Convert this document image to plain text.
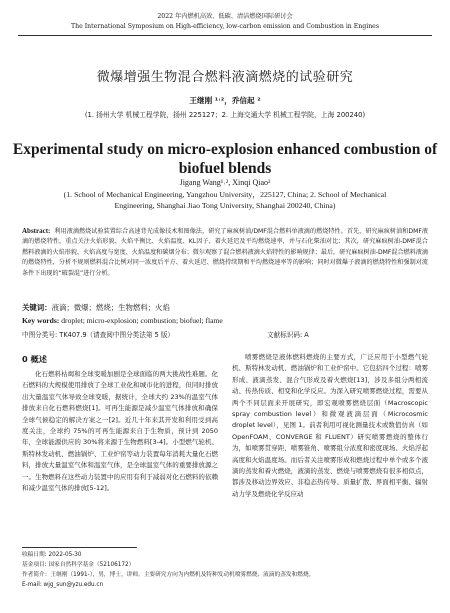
2022 年内燃机高效、低碳、清洁燃烧国际研讨会
The International Symposium on High-efficiency, low-carbon emission and Combustion in Engines
微爆增强生物混合燃料液滴燃烧的试验研究
王继刚 ¹˒²，乔信起 ²
(1. 扬州大学 机械工程学院，扬州 225127；2. 上海交通大学 机械工程学院，上海 200240)
Experimental study on micro-explosion enhanced combustion of biofuel blends
Jigang Wang¹˒², Xinqi Qiao²
(1. School of Mechanical Engineering, Yangzhou University，225127, China; 2. School of Mechanical Engineering, Shanghai Jiao Tong University, Shanghai 200240, China)
Abstract: 利用液滴燃烧试验装置综合高速背光成像技术和图像法，研究了麻疯树油/DMF混合燃料单液滴的燃烧特性。首先，研究麻疯树油和DMF液滴的燃烧特性，重点关注火焰形貌、火焰平衡比、火焰温度、KL因子、着火延迟及平均燃烧速率，并与石化柴油对比；其次，研究麻疯树油-DMF混合燃料液滴的火焰形貌、火焰高度与宽度、火焰温度和碳烟分布；微尔观察了混合燃料液滴火焰特性的影响规律；最后，研究麻疯树油-DMF混合燃料液滴的燃烧特性，分析不规则燃料混合比例对同一浓度后平方、着火延迟、燃烧持续期和平均燃烧速率等的影响；同时对微爆子液滴的燃烧特性和强制对流条件下出现的“破裂混”进行分析。
关键词：液滴；微爆；燃烧；生物燃料；火焰
Key words: droplet; micro-explosion; combustion; biofuel; flame
中图分类号: TK407.9（请查阅中图分类法第 5 版）	文献标识码: A
0 概述
化石燃料枯竭和全球变暖加剧是全球面临的两大挑战性难题。化石燃料的大规模使用排放了全球工业化和城市化的进程，但同时排放出大量温室气体导致全球变暖，据统计，全球大约 23%的温室气体排放来自化石燃料燃烧[1]。可再生能源是减少温室气体排放和确保全球气候稳定的解决方案之一[2]。近几十年来其开发和利用受到高度关注，全球约 75%的可再生能源来自于生物质，预计到 2050 年，全球能源供应的 30%将来源于生物燃料[3-4]。小型燃气轮机、斯特林发动机、燃油锅炉、工业炉窑等动力装置每年消耗大量化石燃料，排放大量温室气体和温室气体，是全球温室气体的重要排放源之一。生物燃料在这些动力装置中的应用有利于减弱对化石燃料的依赖和减少温室气体的排放[5-12]。
喷雾燃烧是液体燃料燃烧的主要方式，广泛应用于小型燃气轮机、斯特林发动机、燃油锅炉和工业炉窑中。它包括四个过程：喷雾形成、液滴蒸发、混合气形成及着火燃烧[13]，涉及多组分两相流动、传热传质、相变和化学反应。为深入研究喷雾燃烧过程，需要从两个不同层面来开展研究，即宏观喷雾燃烧层面（Macroscopic spray combustion level）和微观液滴层面（Microcosmic droplet level），见图 1。前者利用可视化测量技术或数值仿真（如 OpenFOAM、CONVERGE 和 FLUENT）研究喷雾燃烧的整体行为，如喷雾贯穿距、喷雾锥角、喷雾组分浓度和密度现场、火焰浮起高度和火焰温度场。而后者关注喷雾形成和燃烧过程中单个或多个液滴的蒸发和着火燃烧，液滴的蒸发、燃烧与喷雾燃烧有很多相似点，都涉及移动边界效应、非稳态热传导、质量扩散、界面相平衡、辐射动力学及燃烧化学反应动
收稿日期: 2022-05-30
基金项目: 国家自然科学基金（52106172）
作者简介：王继刚（1991-），男，博士，讲师。主要研究方向为内燃机及特种发动机喷雾燃烧、液滴的蒸发和燃烧。
E-mail: wjg_sun@yzu.edu.cn
